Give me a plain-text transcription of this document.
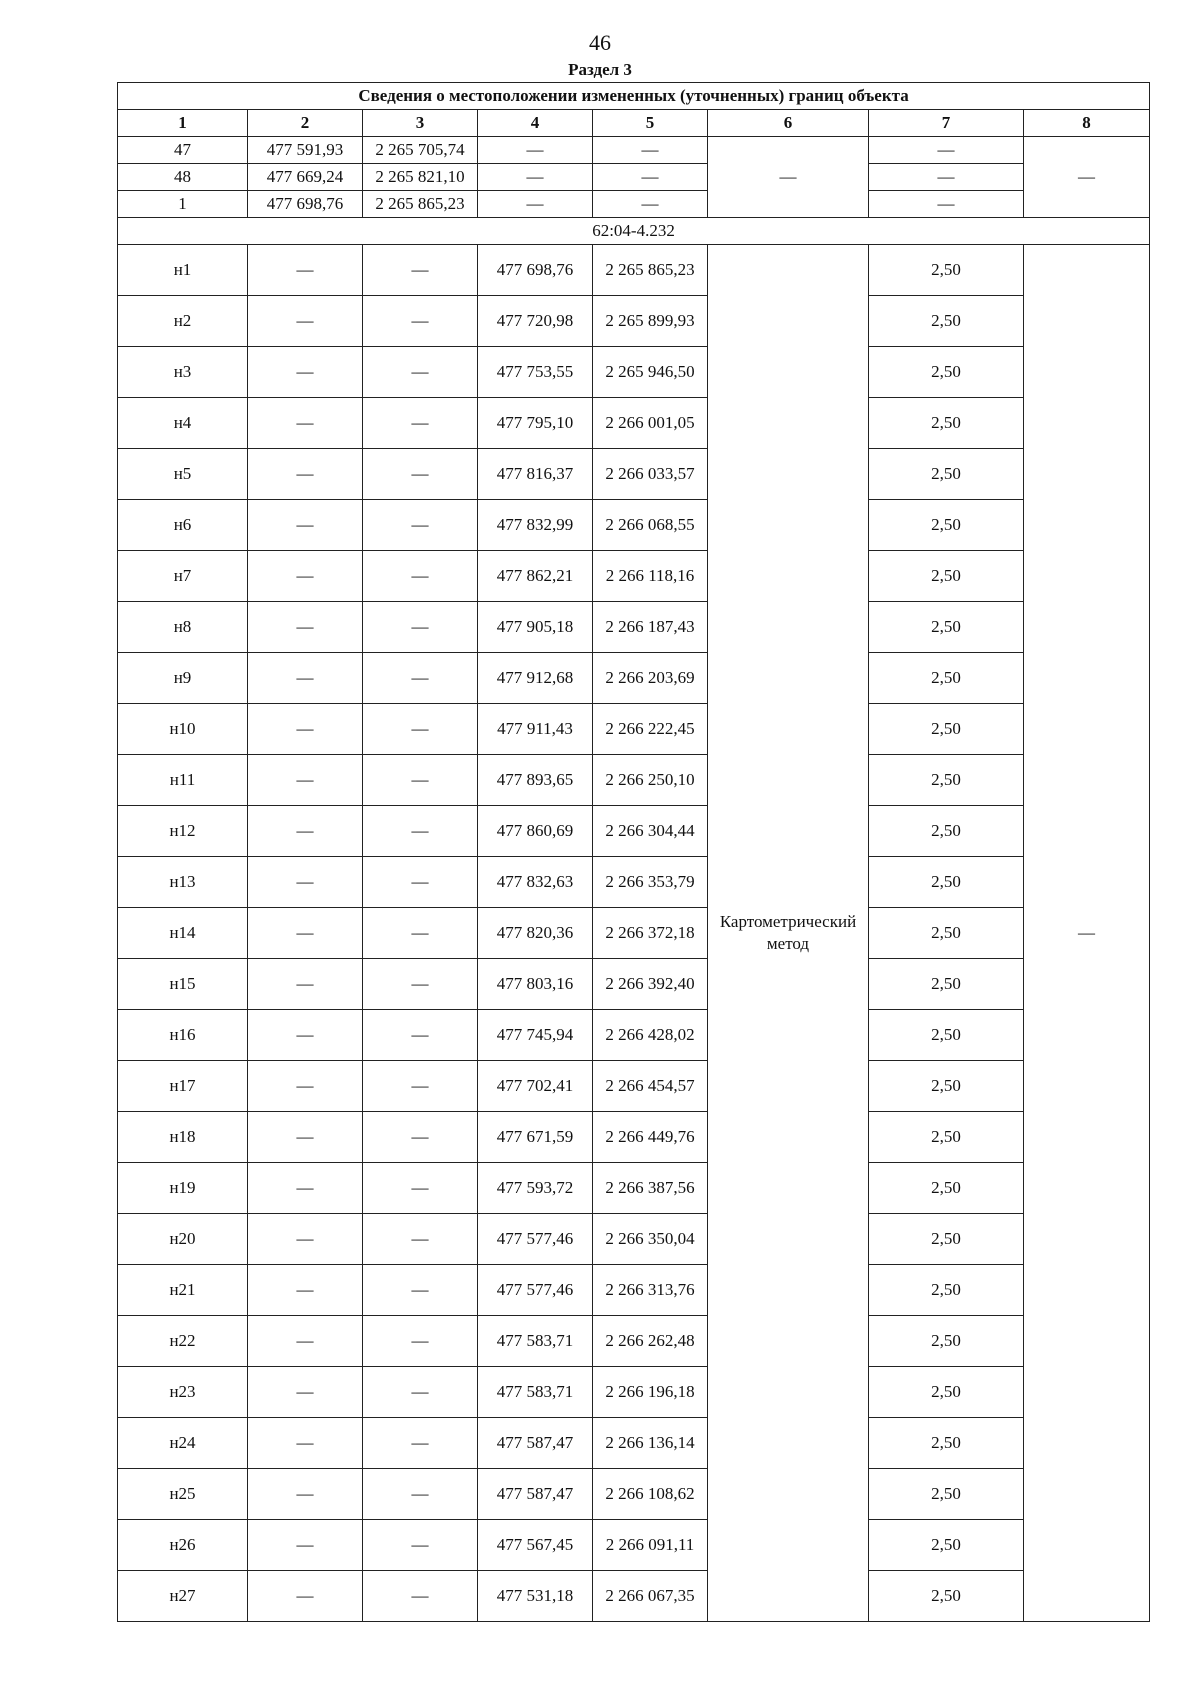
46
Раздел 3
Сведения о местоположении измененных (уточненных) границ объекта							
1	2	3	4	5	6	7	8
47	477 591,93	2 265 705,74	—	—	—	—	—
48	477 669,24	2 265 821,10	—	—		—	
1	477 698,76	2 265 865,23	—	—		—	
62:04-4.232							
н1	—	—	477 698,76	2 265 865,23	Картометрический метод	2,50	—
н2	—	—	477 720,98	2 265 899,93		2,50	
н3	—	—	477 753,55	2 265 946,50		2,50	
н4	—	—	477 795,10	2 266 001,05		2,50	
н5	—	—	477 816,37	2 266 033,57		2,50	
н6	—	—	477 832,99	2 266 068,55		2,50	
н7	—	—	477 862,21	2 266 118,16		2,50	
н8	—	—	477 905,18	2 266 187,43		2,50	
н9	—	—	477 912,68	2 266 203,69		2,50	
н10	—	—	477 911,43	2 266 222,45		2,50	
н11	—	—	477 893,65	2 266 250,10		2,50	
н12	—	—	477 860,69	2 266 304,44		2,50	
н13	—	—	477 832,63	2 266 353,79		2,50	
н14	—	—	477 820,36	2 266 372,18		2,50	
н15	—	—	477 803,16	2 266 392,40		2,50	
н16	—	—	477 745,94	2 266 428,02		2,50	
н17	—	—	477 702,41	2 266 454,57		2,50	
н18	—	—	477 671,59	2 266 449,76		2,50	
н19	—	—	477 593,72	2 266 387,56		2,50	
н20	—	—	477 577,46	2 266 350,04		2,50	
н21	—	—	477 577,46	2 266 313,76		2,50	
н22	—	—	477 583,71	2 266 262,48		2,50	
н23	—	—	477 583,71	2 266 196,18		2,50	
н24	—	—	477 587,47	2 266 136,14		2,50	
н25	—	—	477 587,47	2 266 108,62		2,50	
н26	—	—	477 567,45	2 266 091,11		2,50	
н27	—	—	477 531,18	2 266 067,35		2,50	
